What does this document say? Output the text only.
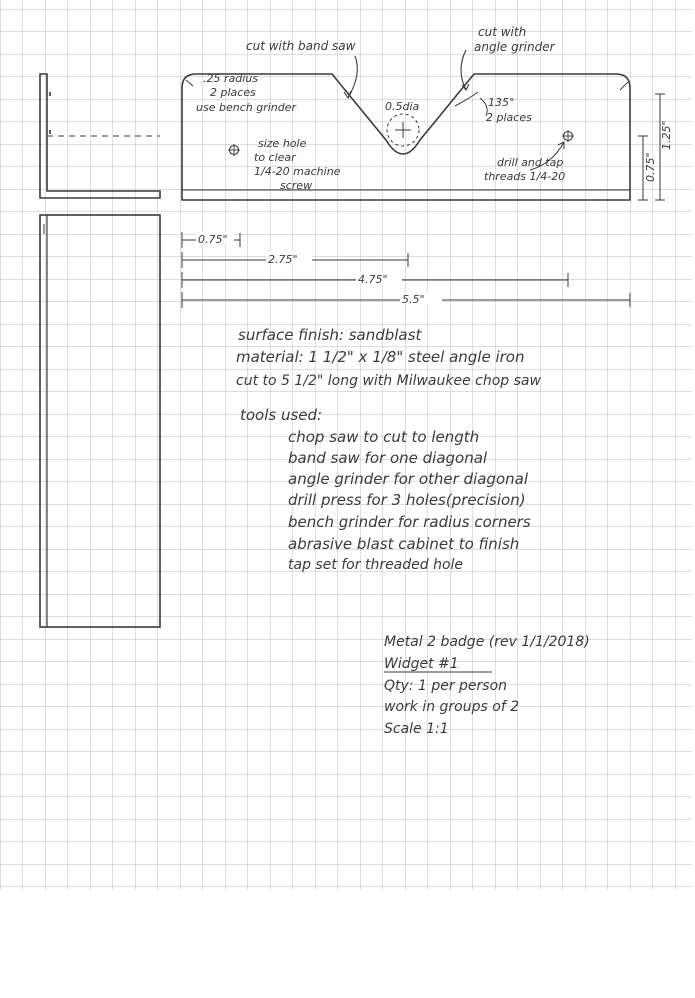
0.75"
1.25"
0.75"
2.75"
4.75"
5.5"
cut with band saw
cut with
angle grinder
.25 radius
2 places
use bench grinder	0.5dia	135°
2 places
size hole
to clear
1/4-20 machine
screw
drill and tap
threads 1/4-20
surface finish: sandblast
material: 1 1/2" x 1/8" steel angle iron
cut to 5 1/2" long with Milwaukee chop saw
tools used:
chop saw to cut to length
band saw for one diagonal
angle grinder for other diagonal
drill press for 3 holes(precision)
bench grinder for radius corners
abrasive blast cabinet to finish
tap set for threaded hole
Metal 2 badge (rev 1/1/2018)
Widget #1
Qty: 1 per person
work in groups of 2
Scale 1:1
